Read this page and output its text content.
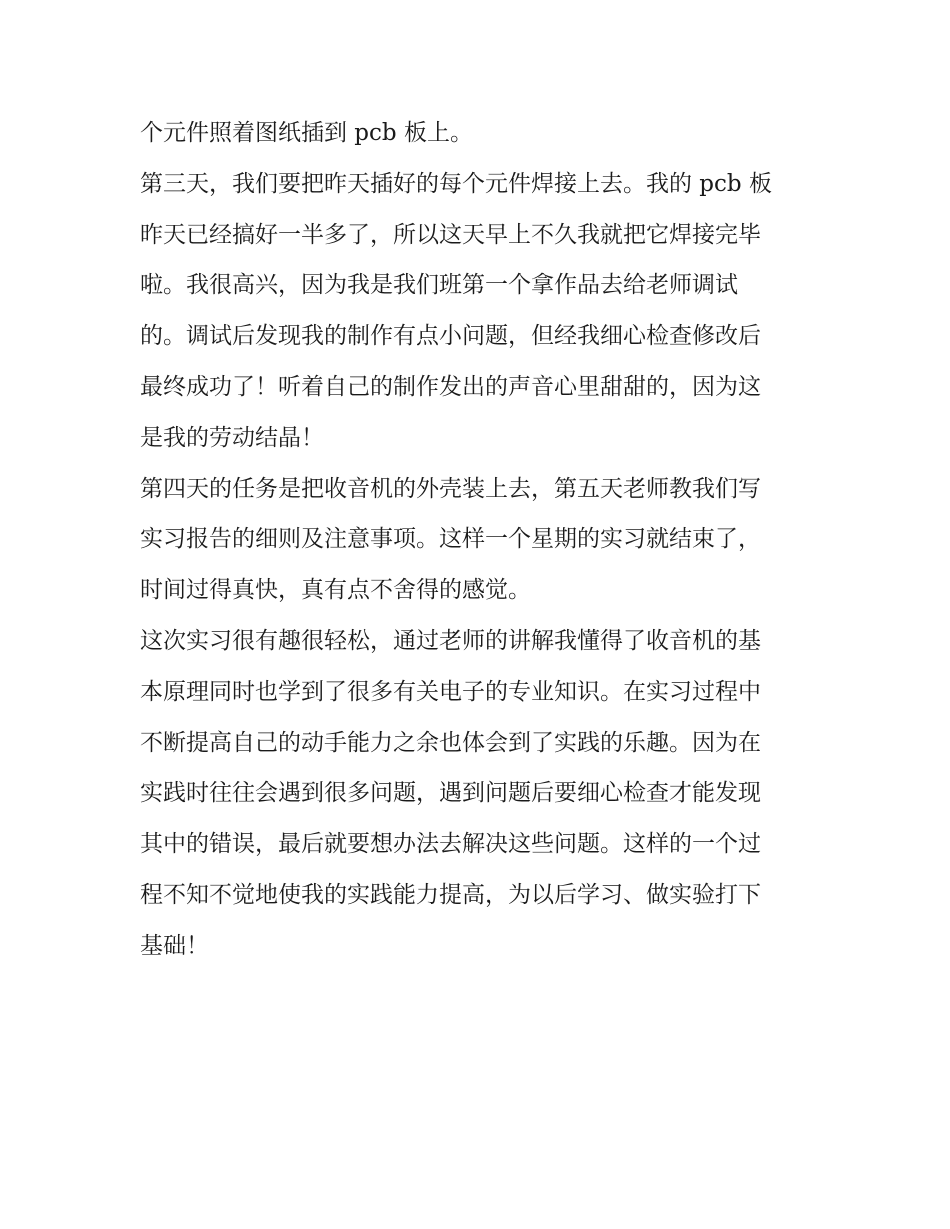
个元件照着图纸插到 pcb 板上。
第三天，我们要把昨天插好的每个元件焊接上去。我的 pcb 板
昨天已经搞好一半多了，所以这天早上不久我就把它焊接完毕
啦。我很高兴，因为我是我们班第一个拿作品去给老师调试
的。调试后发现我的制作有点小问题，但经我细心检查修改后
最终成功了！听着自己的制作发出的声音心里甜甜的，因为这
是我的劳动结晶！
第四天的任务是把收音机的外壳装上去，第五天老师教我们写
实习报告的细则及注意事项。这样一个星期的实习就结束了，
时间过得真快，真有点不舍得的感觉。
这次实习很有趣很轻松，通过老师的讲解我懂得了收音机的基
本原理同时也学到了很多有关电子的专业知识。在实习过程中
不断提高自己的动手能力之余也体会到了实践的乐趣。因为在
实践时往往会遇到很多问题，遇到问题后要细心检查才能发现
其中的错误，最后就要想办法去解决这些问题。这样的一个过
程不知不觉地使我的实践能力提高，为以后学习、做实验打下
基础！
